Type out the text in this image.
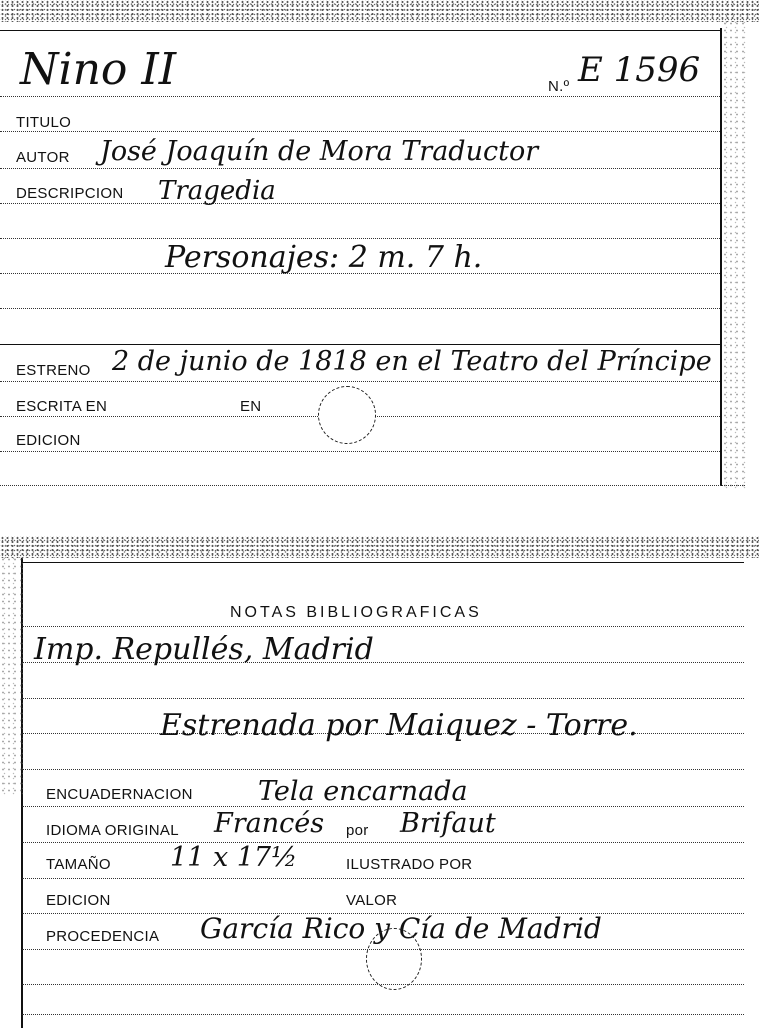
Nino II	N.º E 1596
TITULO
AUTOR José Joaquín de Mora Traductor
DESCRIPCION Tragedia
Personajes: 2 m. 7 h.
ESTRENO 2 de junio de 1818 en el Teatro del Príncipe
ESCRITA EN	EN
EDICION
NOTAS BIBLIOGRAFICAS
Imp. Repullés, Madrid
Estrenada por Maiquez - Torre.
ENCUADERNACION Tela encarnada
IDIOMA ORIGINAL Francés por Brifaut
TAMAÑO 11 x 17½	ILUSTRADO POR
EDICION	VALOR
PROCEDENCIA García Rico y Cía de Madrid
